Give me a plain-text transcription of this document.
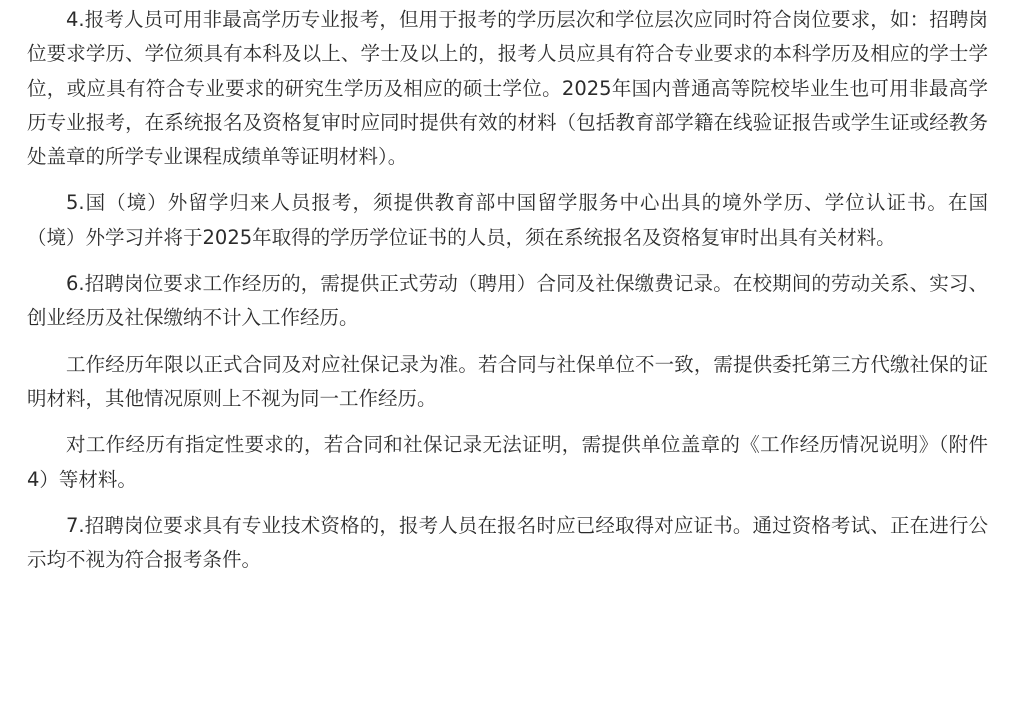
4.报考人员可用非最高学历专业报考，但用于报考的学历层次和学位层次应同时符合岗位要求，如：招聘岗位要求学历、学位须具有本科及以上、学士及以上的，报考人员应具有符合专业要求的本科学历及相应的学士学位，或应具有符合专业要求的研究生学历及相应的硕士学位。2025年国内普通高等院校毕业生也可用非最高学历专业报考，在系统报名及资格复审时应同时提供有效的材料（包括教育部学籍在线验证报告或学生证或经教务处盖章的所学专业课程成绩单等证明材料）。

5.国（境）外留学归来人员报考，须提供教育部中国留学服务中心出具的境外学历、学位认证书。在国（境）外学习并将于2025年取得的学历学位证书的人员，须在系统报名及资格复审时出具有关材料。

6.招聘岗位要求工作经历的，需提供正式劳动（聘用）合同及社保缴费记录。在校期间的劳动关系、实习、创业经历及社保缴纳不计入工作经历。

工作经历年限以正式合同及对应社保记录为准。若合同与社保单位不一致，需提供委托第三方代缴社保的证明材料，其他情况原则上不视为同一工作经历。

对工作经历有指定性要求的，若合同和社保记录无法证明，需提供单位盖章的《工作经历情况说明》（附件4）等材料。

7.招聘岗位要求具有专业技术资格的，报考人员在报名时应已经取得对应证书。通过资格考试、正在进行公示均不视为符合报考条件。
